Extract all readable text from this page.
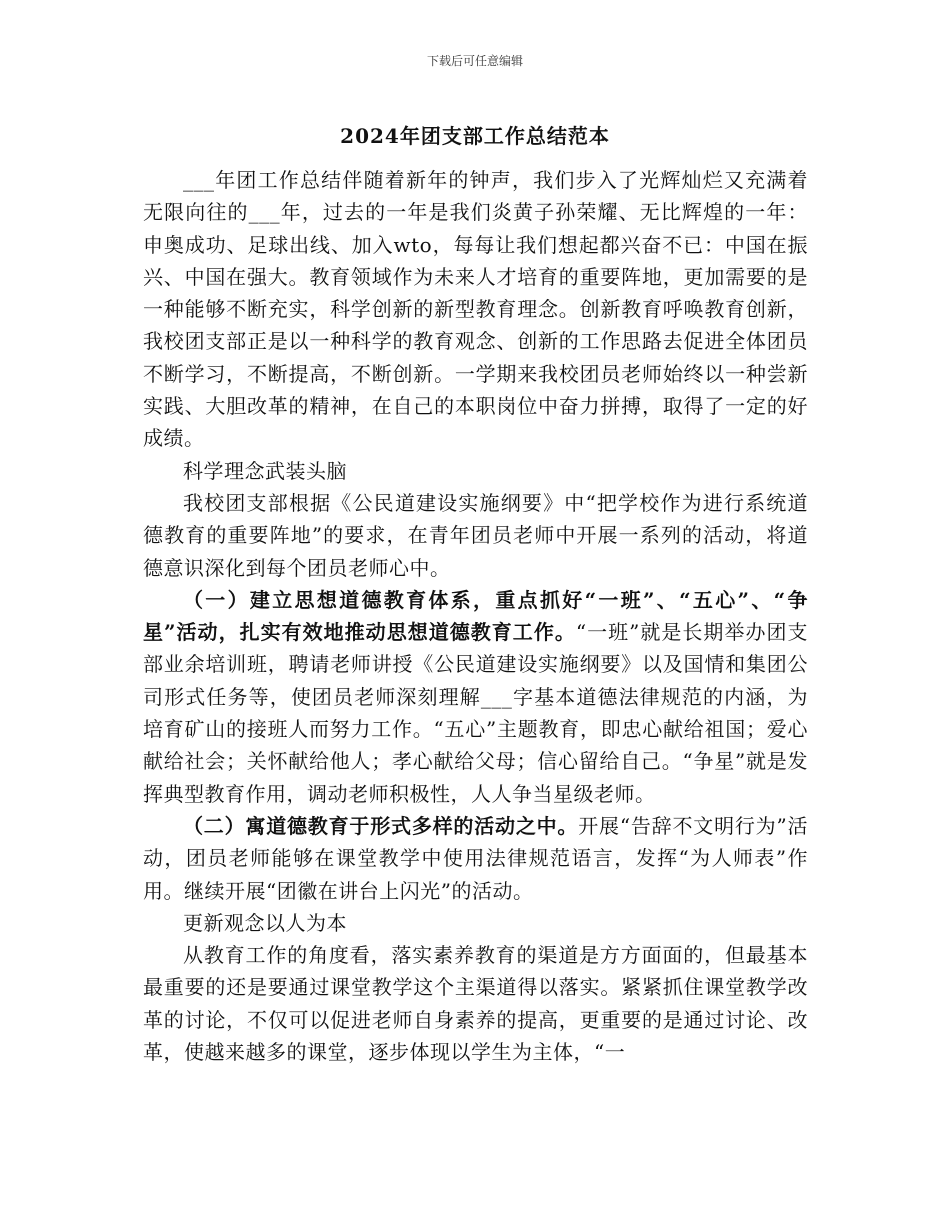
下载后可任意编辑
2024年团支部工作总结范本

___年团工作总结伴随着新年的钟声，我们步入了光辉灿烂又充满着无限向往的___年，过去的一年是我们炎黄子孙荣耀、无比辉煌的一年：申奥成功、足球出线、加入wto，每每让我们想起都兴奋不已：中国在振兴、中国在强大。教育领域作为未来人才培育的重要阵地，更加需要的是一种能够不断充实，科学创新的新型教育理念。创新教育呼唤教育创新，我校团支部正是以一种科学的教育观念、创新的工作思路去促进全体团员不断学习，不断提高，不断创新。一学期来我校团员老师始终以一种尝新实践、大胆改革的精神，在自己的本职岗位中奋力拼搏，取得了一定的好成绩。

科学理念武装头脑

我校团支部根据《公民道建设实施纲要》中“把学校作为进行系统道德教育的重要阵地”的要求，在青年团员老师中开展一系列的活动，将道德意识深化到每个团员老师心中。

（一）建立思想道德教育体系，重点抓好“一班”、“五心”、“争星”活动，扎实有效地推动思想道德教育工作。“一班”就是长期举办团支部业余培训班，聘请老师讲授《公民道建设实施纲要》以及国情和集团公司形式任务等，使团员老师深刻理解___字基本道德法律规范的内涵，为培育矿山的接班人而努力工作。“五心”主题教育，即忠心献给祖国；爱心献给社会；关怀献给他人；孝心献给父母；信心留给自己。“争星”就是发挥典型教育作用，调动老师积极性，人人争当星级老师。

（二）寓道德教育于形式多样的活动之中。开展“告辞不文明行为”活动，团员老师能够在课堂教学中使用法律规范语言，发挥“为人师表”作用。继续开展“团徽在讲台上闪光”的活动。

更新观念以人为本

从教育工作的角度看，落实素养教育的渠道是方方面面的，但最基本最重要的还是要通过课堂教学这个主渠道得以落实。紧紧抓住课堂教学改革的讨论，不仅可以促进老师自身素养的提高，更重要的是通过讨论、改革，使越来越多的课堂，逐步体现以学生为主体，“一
